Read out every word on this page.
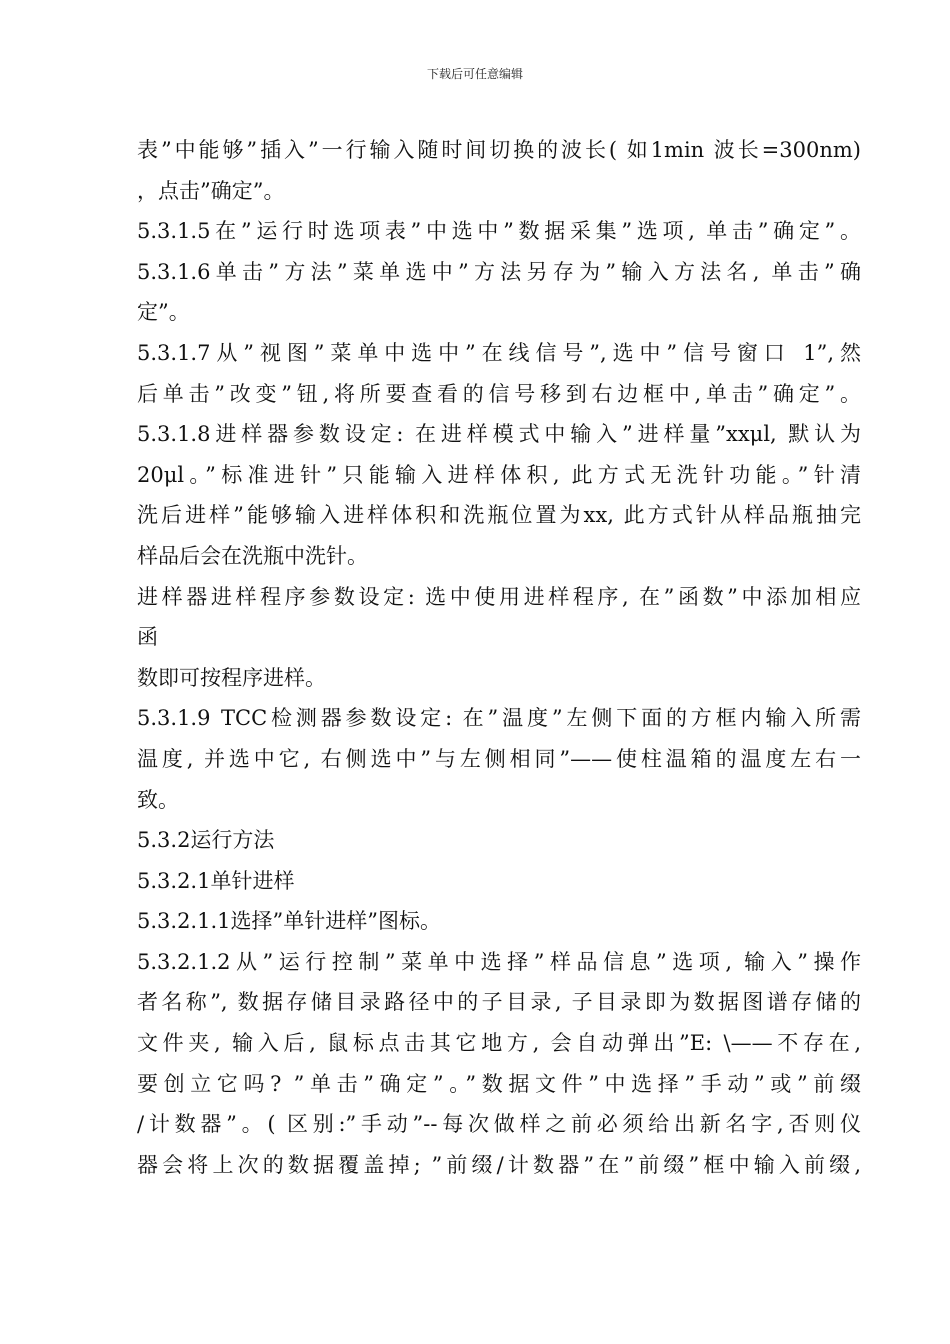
下载后可任意编辑
表”中能够”插入”一行输入随时间切换的波长( 如1min 波长=300nm)
，点击”确定”。
5.3.1.5在”运行时选项表”中选中”数据采集”选项, 单击”确定”。
5.3.1.6单击”方法”菜单选中”方法另存为”输入方法名, 单击”确
定”。
5.3.1.7从”视图”菜单中选中”在线信号”,选中”信号窗口 1”,然
后单击”改变”钮,将所要查看的信号移到右边框中,单击”确定”。
5.3.1.8进样器参数设定: 在进样模式中输入”进样量”xxμl, 默认为
20μl。”标准进针”只能输入进样体积, 此方式无洗针功能。”针清
洗后进样”能够输入进样体积和洗瓶位置为xx, 此方式针从样品瓶抽完
样品后会在洗瓶中洗针。
进样器进样程序参数设定: 选中使用进样程序, 在”函数”中添加相应
函
数即可按程序进样。
5.3.1.9 TCC检测器参数设定: 在”温度”左侧下面的方框内输入所需
温度, 并选中它, 右侧选中”与左侧相同”——使柱温箱的温度左右一
致。
5.3.2运行方法
5.3.2.1单针进样
5.3.2.1.1选择”单针进样”图标。
5.3.2.1.2从”运行控制”菜单中选择”样品信息”选项, 输入”操作
者名称”, 数据存储目录路径中的子目录, 子目录即为数据图谱存储的
文件夹, 输入后, 鼠标点击其它地方, 会自动弹出”E: \——不存在,
要创立它吗? ”单击”确定”。”数据文件”中选择”手动”或”前缀
/计数器”。( 区别:”手动”--每次做样之前必须给出新名字,否则仪
器会将上次的数据覆盖掉; ”前缀/计数器”在”前缀”框中输入前缀,
